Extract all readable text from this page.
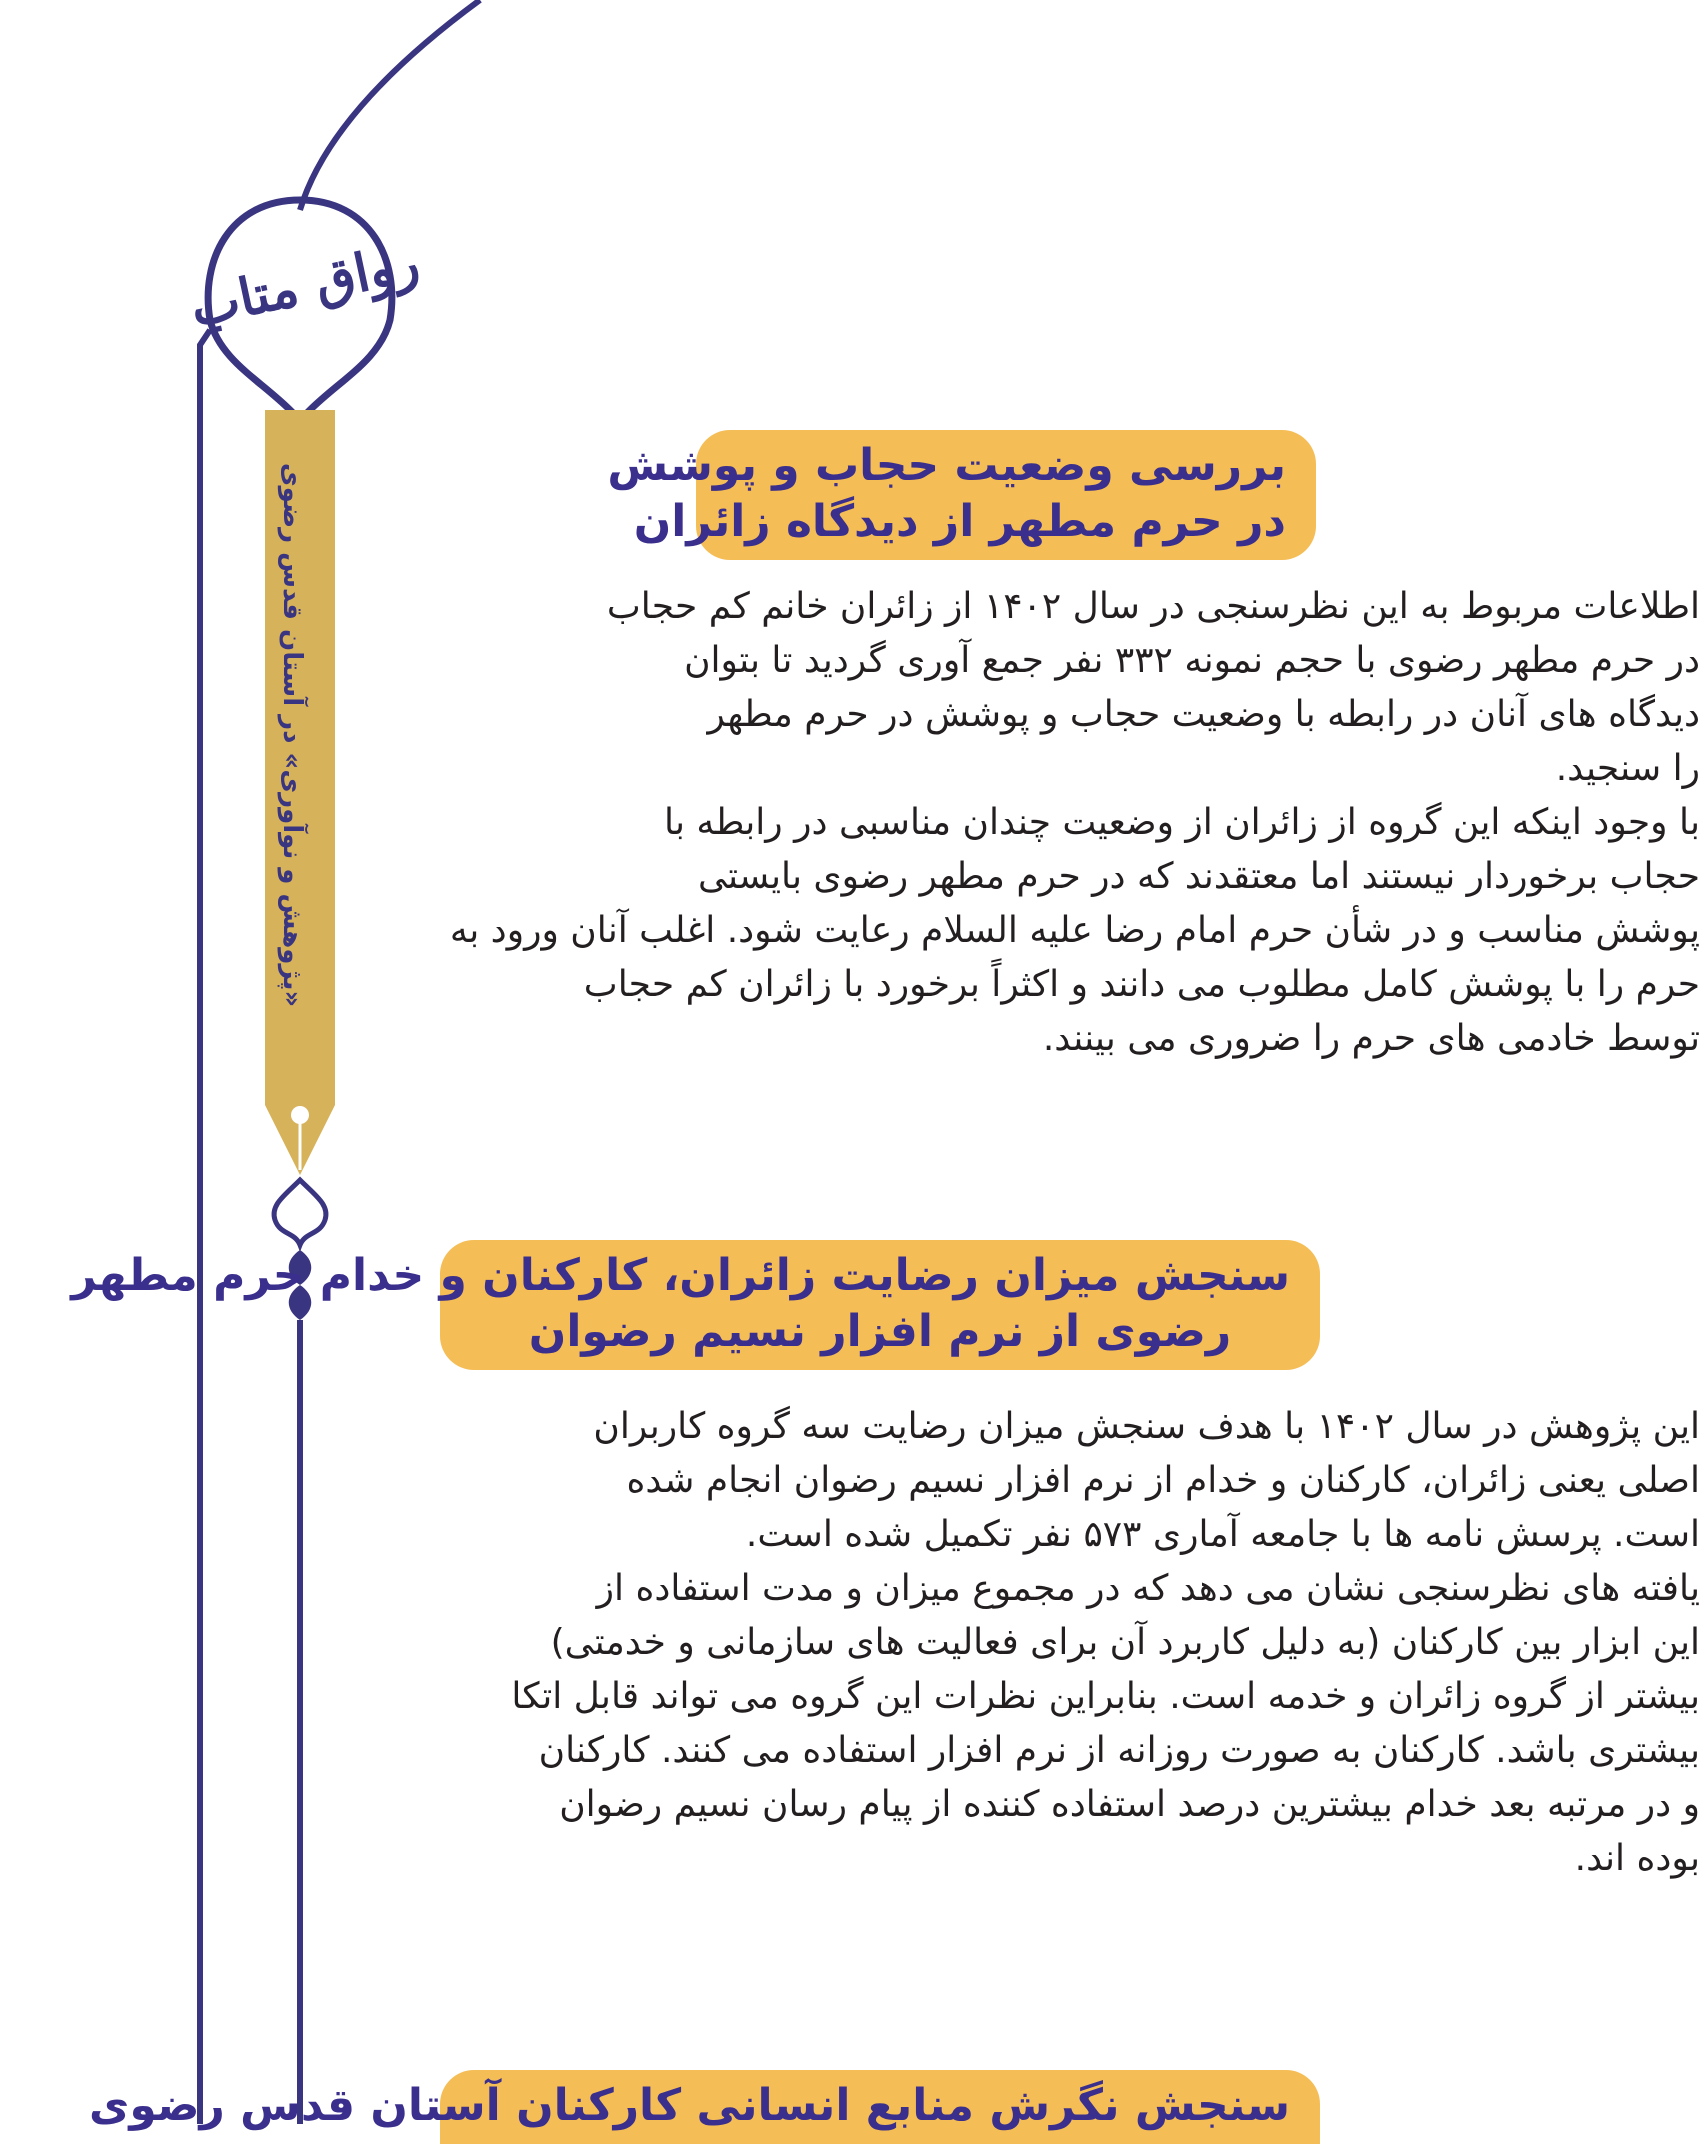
رواق متاب
«پژوهش و نوآوری» در آستان قدس رضوی	بررسی وضعیت حجاب و پوشش
در حرم مطهر از دیدگاه زائران
اطلاعات مربوط به این نظرسنجی در سال ۱۴۰۲ از زائران خانم کم حجاب
در حرم مطهر رضوی با حجم نمونه ۳۳۲ نفر جمع آوری گردید تا بتوان
دیدگاه های آنان در رابطه با وضعیت حجاب و پوشش در حرم مطهر
را سنجید.
با وجود اینکه این گروه از زائران از وضعیت چندان مناسبی در رابطه با
حجاب برخوردار نیستند اما معتقدند که در حرم مطهر رضوی بایستی
پوشش مناسب و در شأن حرم امام رضا علیه السلام رعایت شود. اغلب آنان ورود به
حرم را با پوشش کامل مطلوب می دانند و اکثراً برخورد با زائران کم حجاب
توسط خادمی های حرم را ضروری می بینند.
سنجش میزان رضایت زائران، کارکنان و خدام حرم مطهر
رضوی از نرم افزار نسیم رضوان
این پژوهش در سال ۱۴۰۲ با هدف سنجش میزان رضایت سه گروه کاربران
اصلی یعنی زائران، کارکنان و خدام از نرم افزار نسیم رضوان انجام شده
است. پرسش نامه ها با جامعه آماری ۵۷۳ نفر تکمیل شده است.
یافته های نظرسنجی نشان می دهد که در مجموع میزان و مدت استفاده از
این ابزار بین کارکنان (به دلیل کاربرد آن برای فعالیت های سازمانی و خدمتی)
بیشتر از گروه زائران و خدمه است. بنابراین نظرات این گروه می تواند قابل اتکا
بیشتری باشد. کارکنان به صورت روزانه از نرم افزار استفاده می کنند. کارکنان
و در مرتبه بعد خدام بیشترین درصد استفاده کننده از پیام رسان نسیم رضوان
بوده اند.
سنجش نگرش منابع انسانی کارکنان آستان قدس رضوی
